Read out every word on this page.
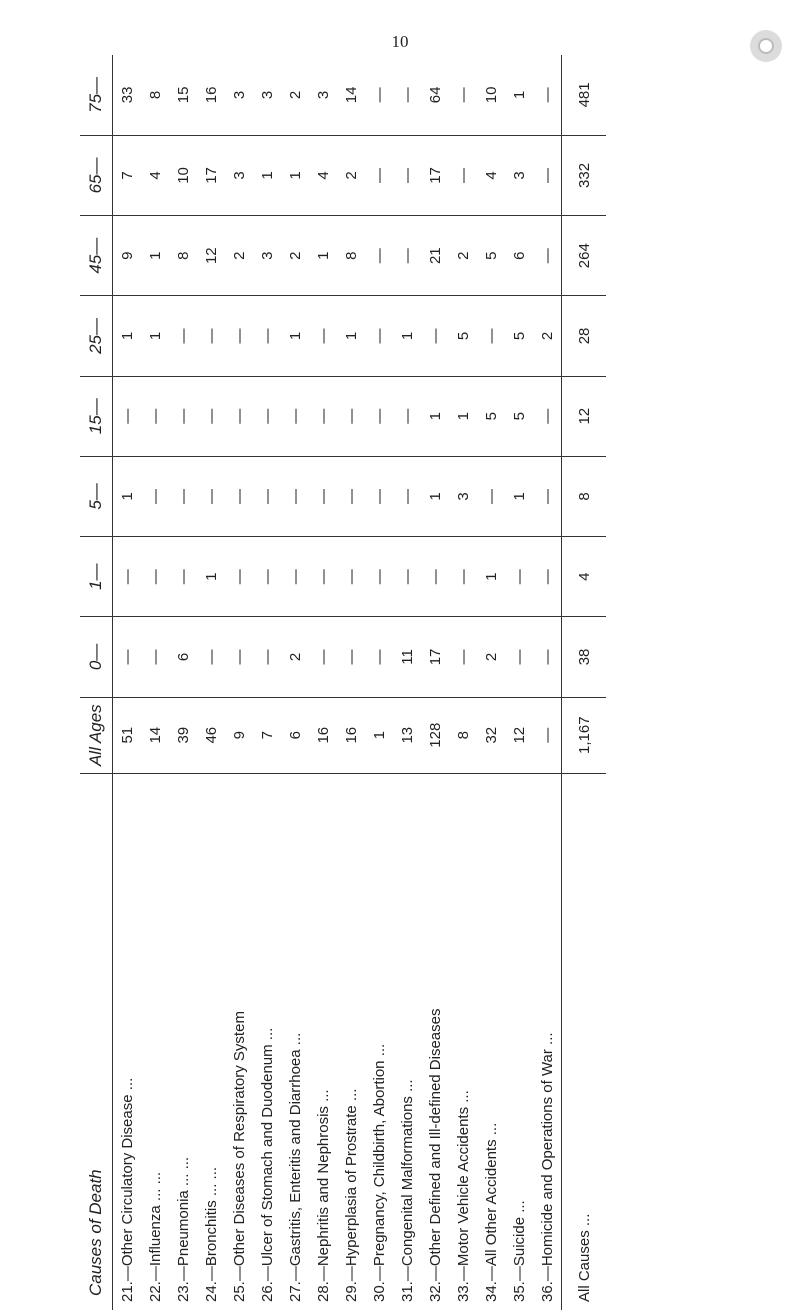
10
Causes of Death	All Ages	0—	1—	5—	15—	25—	45—	65—	75—
21.—Other Circulatory Disease ...	51	—	—	1	—	1	9	7	33
22.—Influenza ... ...	14	—	—	—	—	1	1	4	8
23.—Pneumonia ... ...	39	6	—	—	—	—	8	10	15
24.—Bronchitis ... ...	46	—	1	—	—	—	12	17	16
25.—Other Diseases of Respiratory System	9	—	—	—	—	—	2	3	3
26.—Ulcer of Stomach and Duodenum ...	7	—	—	—	—	—	3	1	3
27.—Gastritis, Enteritis and Diarrhoea ...	6	2	—	—	—	1	2	1	2
28.—Nephritis and Nephrosis ...	16	—	—	—	—	—	1	4	3
29.—Hyperplasia of Prostrate ...	16	—	—	—	—	1	8	2	14
30.—Pregnancy, Childbirth, Abortion ...	1	—	—	—	—	—	—	—	—
31.—Congenital Malformations ...	13	11	—	—	—	1	—	—	—
32.—Other Defined and Ill-defined Diseases	128	17	—	1	1	—	21	17	64
33.—Motor Vehicle Accidents ...	8	—	—	3	1	5	2	—	—
34.—All Other Accidents ...	32	2	1	—	5	—	5	4	10
35.—Suicide ...	12	—	—	1	5	5	6	3	1
36.—Homicide and Operations of War ...	—	—	—	—	—	2	—	—	—
All Causes ...	1,167	38	4	8	12	28	264	332	481
